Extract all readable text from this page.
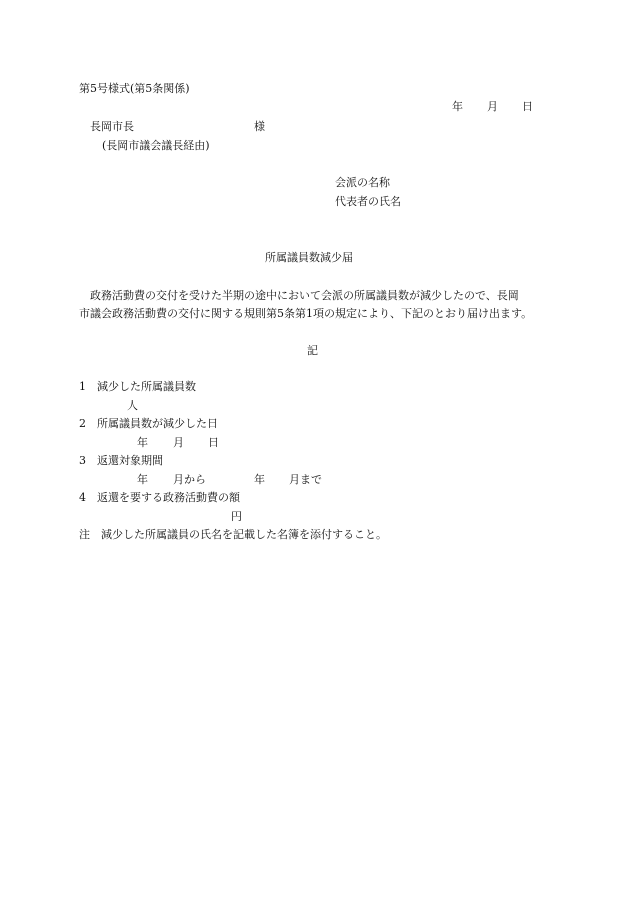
第5号様式(第5条関係)
年 月 日
長岡市長	様
(長岡市議会議長経由)
会派の名称
代表者の氏名
所属議員数減少届
政務活動費の交付を受けた半期の途中において会派の所属議員数が減少したので、長岡
市議会政務活動費の交付に関する規則第5条第1項の規定により、下記のとおり届け出ます。
記
1　減少した所属議員数
人
2　所属議員数が減少した日
年 月 日
3　返還対象期間
年 月から	年 月まで
4　返還を要する政務活動費の額
円
注　減少した所属議員の氏名を記載した名簿を添付すること。
